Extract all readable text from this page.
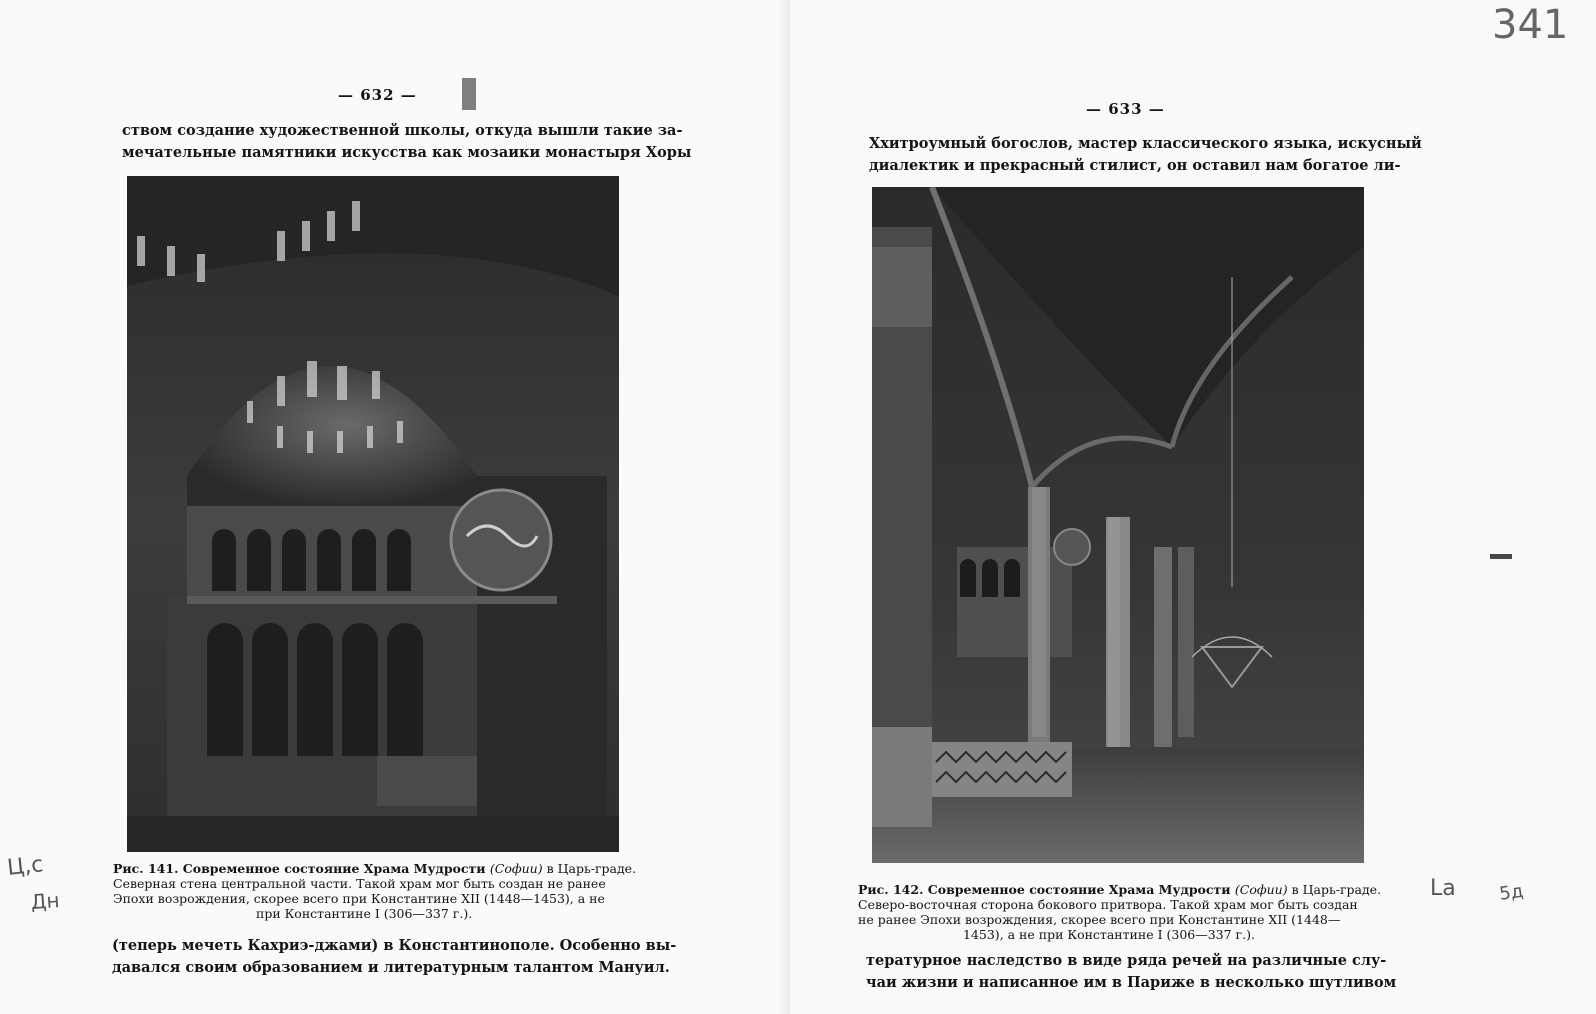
— 632 —
ством создание художественной школы, откуда вышли такие за-
мечательные памятники искусства как мозаики монастыря Хоры
Рис. 141. Современное состояние Храма Мудрости (Софии) в Царь-граде.
Северная стена центральной части. Такой храм мог быть создан не ранее
Эпохи возрождения, скорее всего при Константине XII (1448—1453), а не
при Константине I (306—337 г.).
(теперь мечеть Кахриэ-джами) в Константинополе. Особенно вы-
давался своим образованием и литературным талантом Мануил.
Ц,с
Дн
— 633 —
Ххитроумный богослов, мастер классического языка, искусный
диалектик и прекрасный стилист, он оставил нам богатое ли-
Рис. 142. Современное состояние Храма Мудрости (Софии) в Царь-граде.
Северо-восточная сторона бокового притвора. Такой храм мог быть создан
не ранее Эпохи возрождения, скорее всего при Константине XII (1448—
1453), а не при Константине I (306—337 г.).
тературное наследство в виде ряда речей на различные слу-
чаи жизни и написанное им в Париже в несколько шутливом
341
La 5д
